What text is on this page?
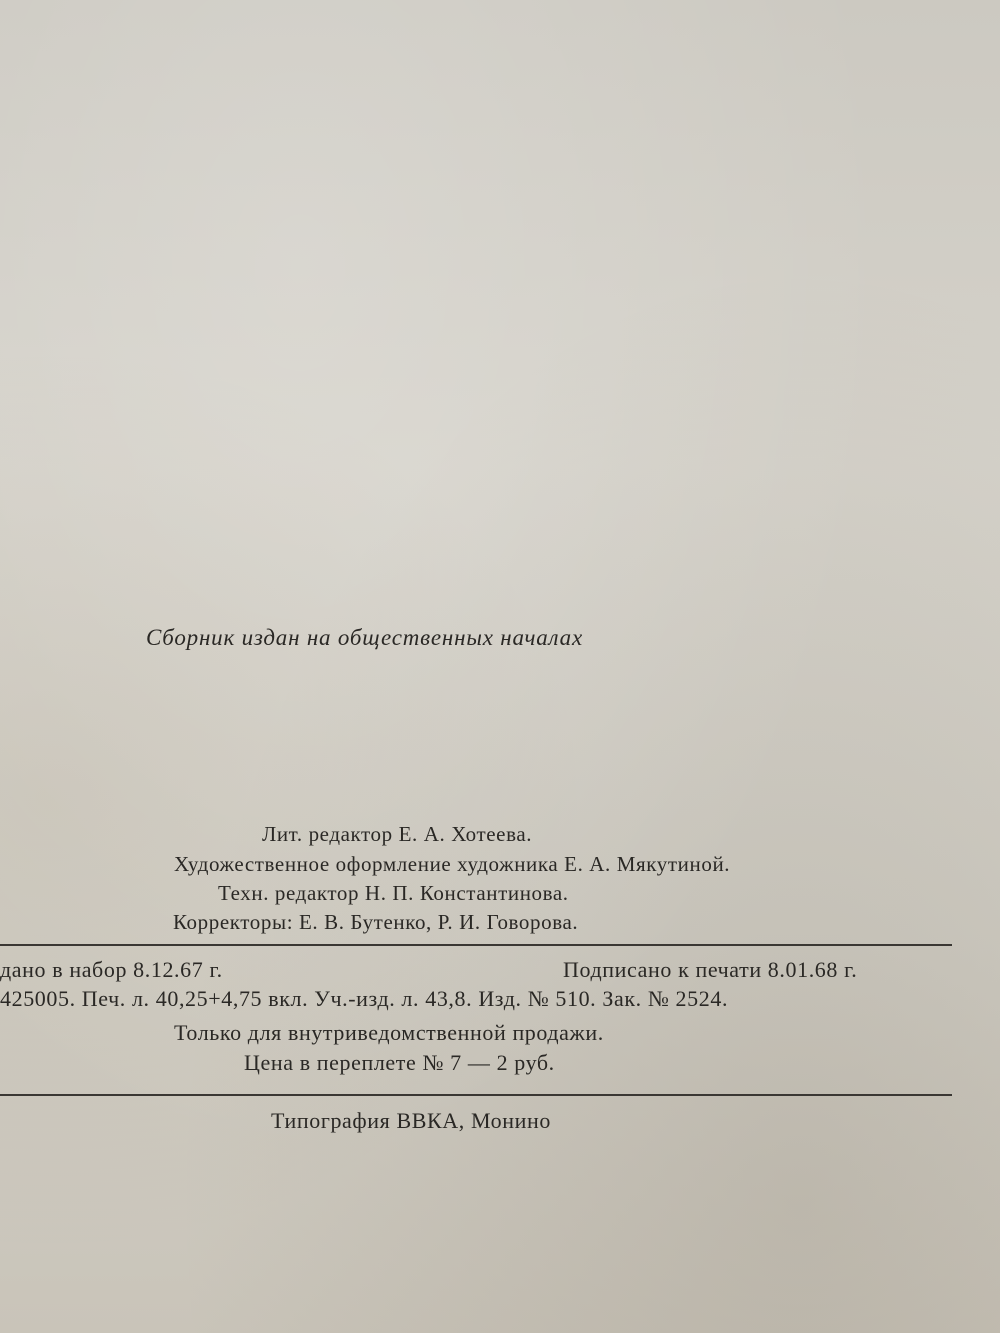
Сборник издан на общественных началах
Лит. редактор Е. А. Хотеева.
Художественное оформление художника Е. А. Мякутиной.
Техн. редактор Н. П. Константинова.
Корректоры: Е. В. Бутенко, Р. И. Говорова.
дано в набор 8.12.67 г.	Подписано к печати 8.01.68 г.
425005. Печ. л. 40,25+4,75 вкл. Уч.-изд. л. 43,8. Изд. № 510. Зак. № 2524.
Только для внутриведомственной продажи.
Цена в переплете № 7 — 2 руб.
Типография ВВКА, Монино
